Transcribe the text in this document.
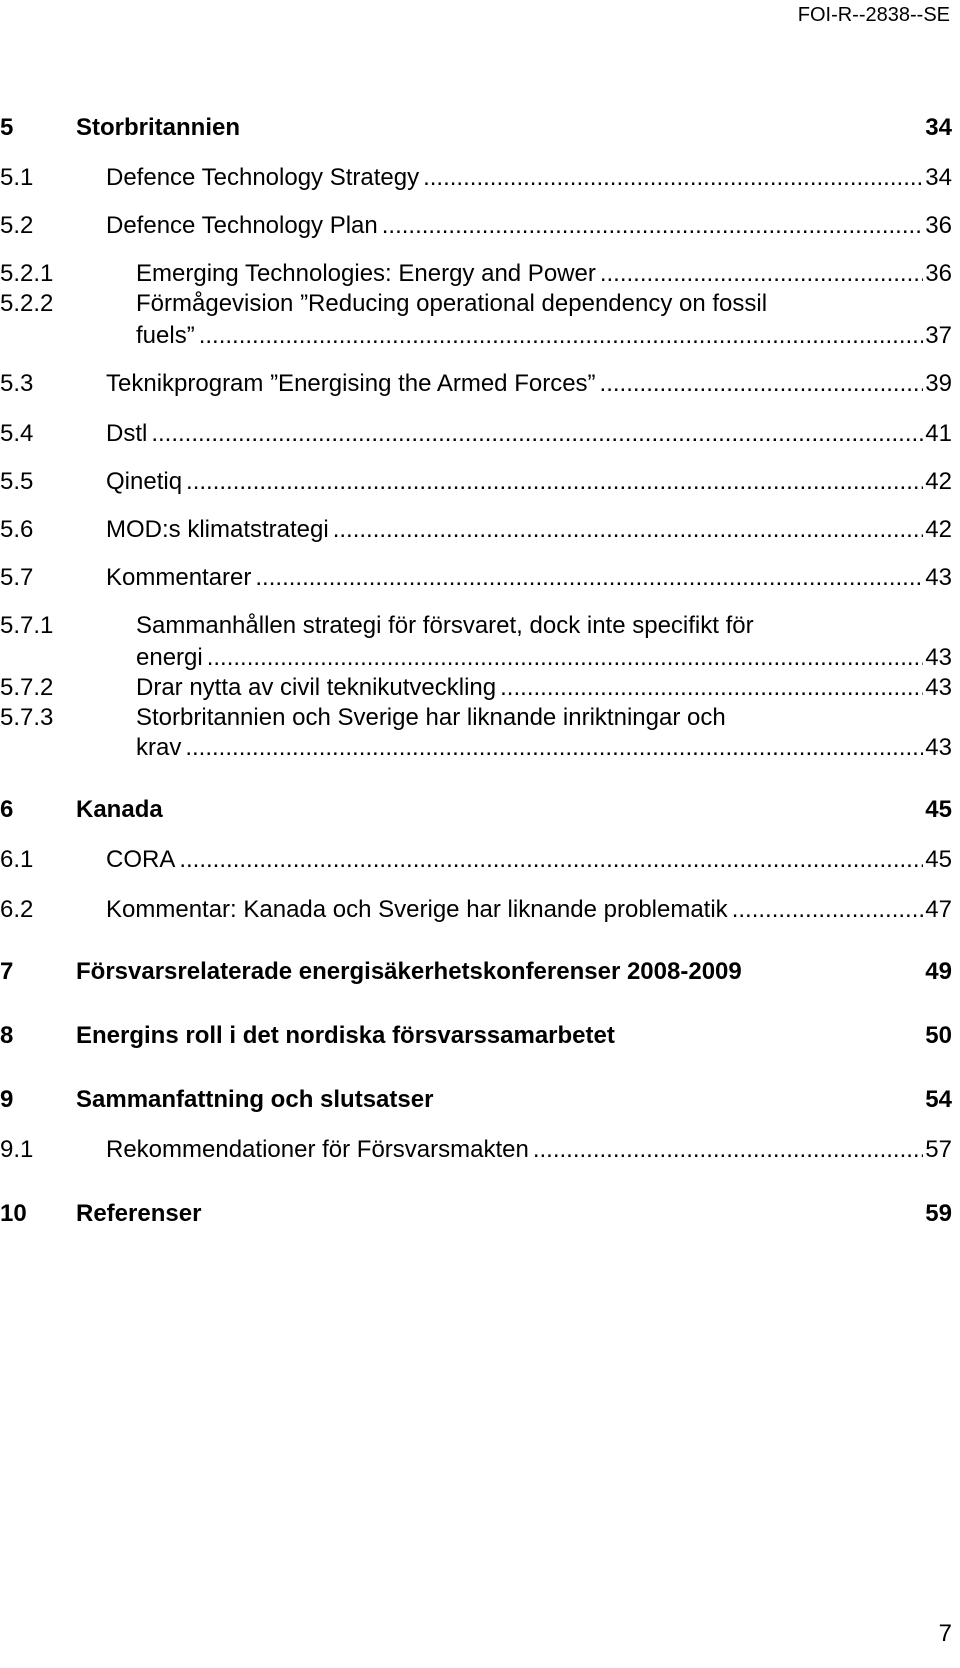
FOI-R--2838--SE
5	Storbritannien	34
5.1	Defence Technology Strategy .....	34
5.2	Defence Technology Plan .....	36
5.2.1	Emerging Technologies: Energy and Power .....	36
5.2.2	Förmågevision ”Reducing operational dependency on fossil
fuels” .....	37
5.3	Teknikprogram ”Energising the Armed Forces” .....	39
5.4	Dstl .....	41
5.5	Qinetiq .....	42
5.6	MOD:s klimatstrategi .....	42
5.7	Kommentarer .....	43
5.7.1	Sammanhållen strategi för försvaret, dock inte specifikt för
energi .....	43
5.7.2	Drar nytta av civil teknikutveckling .....	43
5.7.3	Storbritannien och Sverige har liknande inriktningar och
krav .....	43
6	Kanada	45
6.1	CORA .....	45
6.2	Kommentar: Kanada och Sverige har liknande problematik .....	47
7	Försvarsrelaterade energisäkerhetskonferenser 2008-2009	49
8	Energins roll i det nordiska försvarssamarbetet	50
9	Sammanfattning och slutsatser	54
9.1	Rekommendationer för Försvarsmakten .....	57
10 Referenser	59
7
